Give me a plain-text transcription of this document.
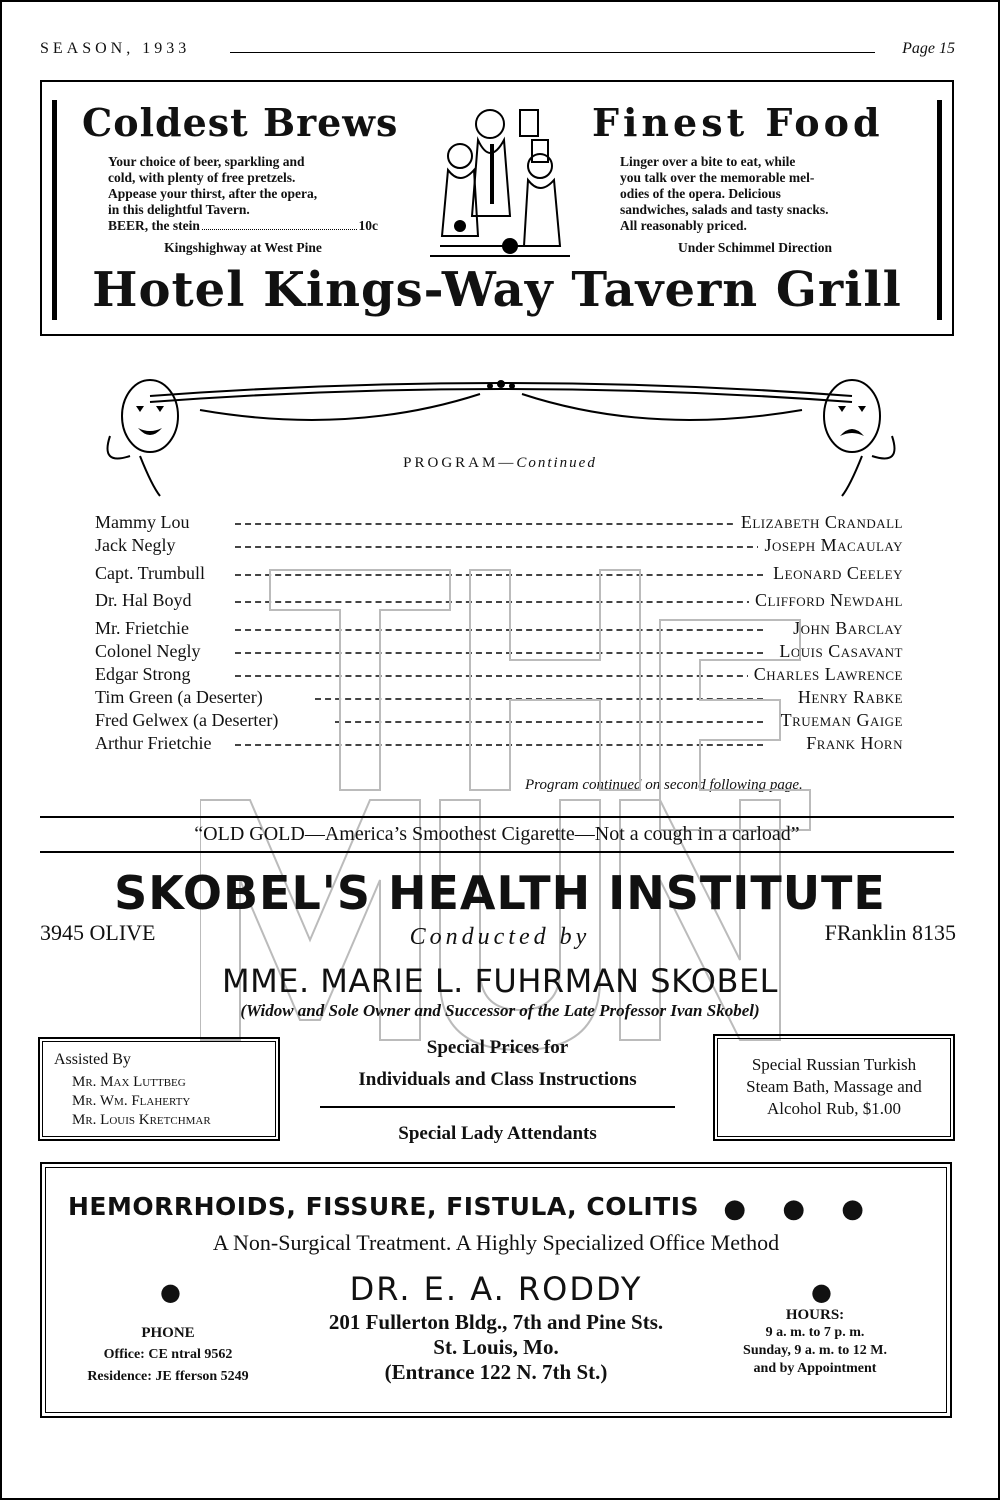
SEASON, 1933	Page 15
Coldest Brews
Your choice of beer, sparkling and
cold, with plenty of free pretzels.
Appease your thirst, after the opera,
in this delightful Tavern.
BEER, the stein	10c
Kingshighway at West Pine
Finest Food
Linger over a bite to eat, while
you talk over the memorable mel-
odies of the opera. Delicious
sandwiches, salads and tasty snacks.
All reasonably priced.
Under Schimmel Direction
Hotel Kings-Way Tavern Grill
PROGRAM—Continued
Mammy Lou	Elizabeth Crandall
Jack Negly	Joseph Macaulay
Capt. Trumbull	Leonard Ceeley
Dr. Hal Boyd	Clifford Newdahl
Mr. Frietchie	John Barclay
Colonel Negly	Louis Casavant
Edgar Strong	Charles Lawrence
Tim Green (a Deserter)	Henry Rabke
Fred Gelwex (a Deserter)	Trueman Gaige
Arthur Frietchie	Frank Horn
Program continued on second following page.
“OLD GOLD—America’s Smoothest Cigarette—Not a cough in a carload”
SKOBEL'S HEALTH INSTITUTE
3945 OLIVE	FRanklin 8135
Conducted by
MME. MARIE L. FUHRMAN SKOBEL
(Widow and Sole Owner and Successor of the Late Professor Ivan Skobel)
Assisted By
Mr. Max Luttbeg
Mr. Wm. Flaherty
Mr. Louis Kretchmar
Special Prices for
Individuals and Class Instructions
Special Lady Attendants
Special Russian Turkish
Steam Bath, Massage and
Alcohol Rub, $1.00
HEMORRHOIDS, FISSURE, FISTULA, COLITIS ● ● ●
A Non-Surgical Treatment. A Highly Specialized Office Method
●	●
DR. E. A. RODDY
201 Fullerton Bldg., 7th and Pine Sts.
St. Louis, Mo.
(Entrance 122 N. 7th St.)
PHONE
Office: CE ntral 9562
Residence: JE fferson 5249
HOURS:
9 a. m. to 7 p. m.
Sunday, 9 a. m. to 12 M.
and by Appointment
